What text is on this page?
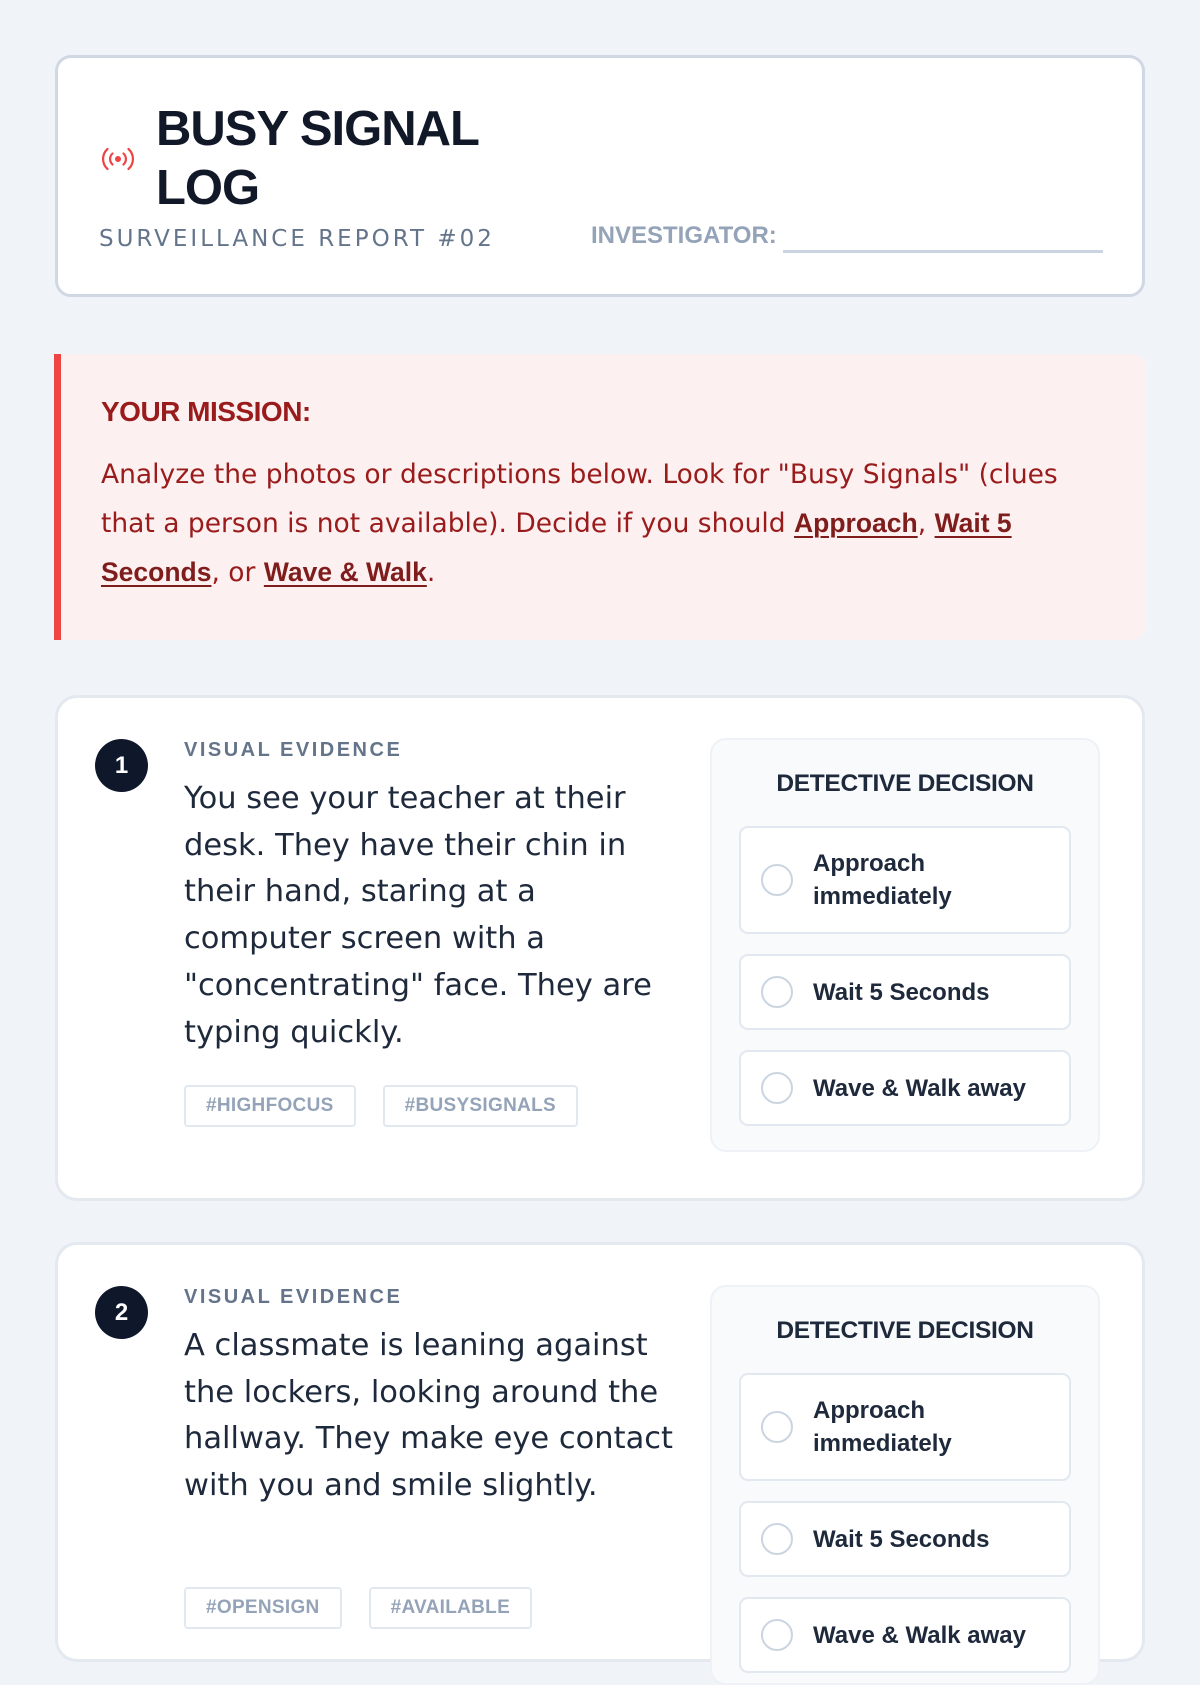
BUSY SIGNAL LOG
SURVEILLANCE REPORT #02	INVESTIGATOR:
YOUR MISSION:

Analyze the photos or descriptions below. Look for "Busy Signals" (clues that a person is not available). Decide if you should Approach, Wait 5 Seconds, or Wave & Walk.

1
VISUAL EVIDENCE

You see your teacher at their desk. They have their chin in their hand, staring at a computer screen with a "concentrating" face. They are typing quickly.

#HIGHFOCUS	#BUSYSIGNALS
DETECTIVE DECISION
Approach immediately
Wait 5 Seconds
Wave & Walk away
2
VISUAL EVIDENCE

A classmate is leaning against the lockers, looking around the hallway. They make eye contact with you and smile slightly.

#OPENSIGN	#AVAILABLE
DETECTIVE DECISION
Approach immediately
Wait 5 Seconds
Wave & Walk away
